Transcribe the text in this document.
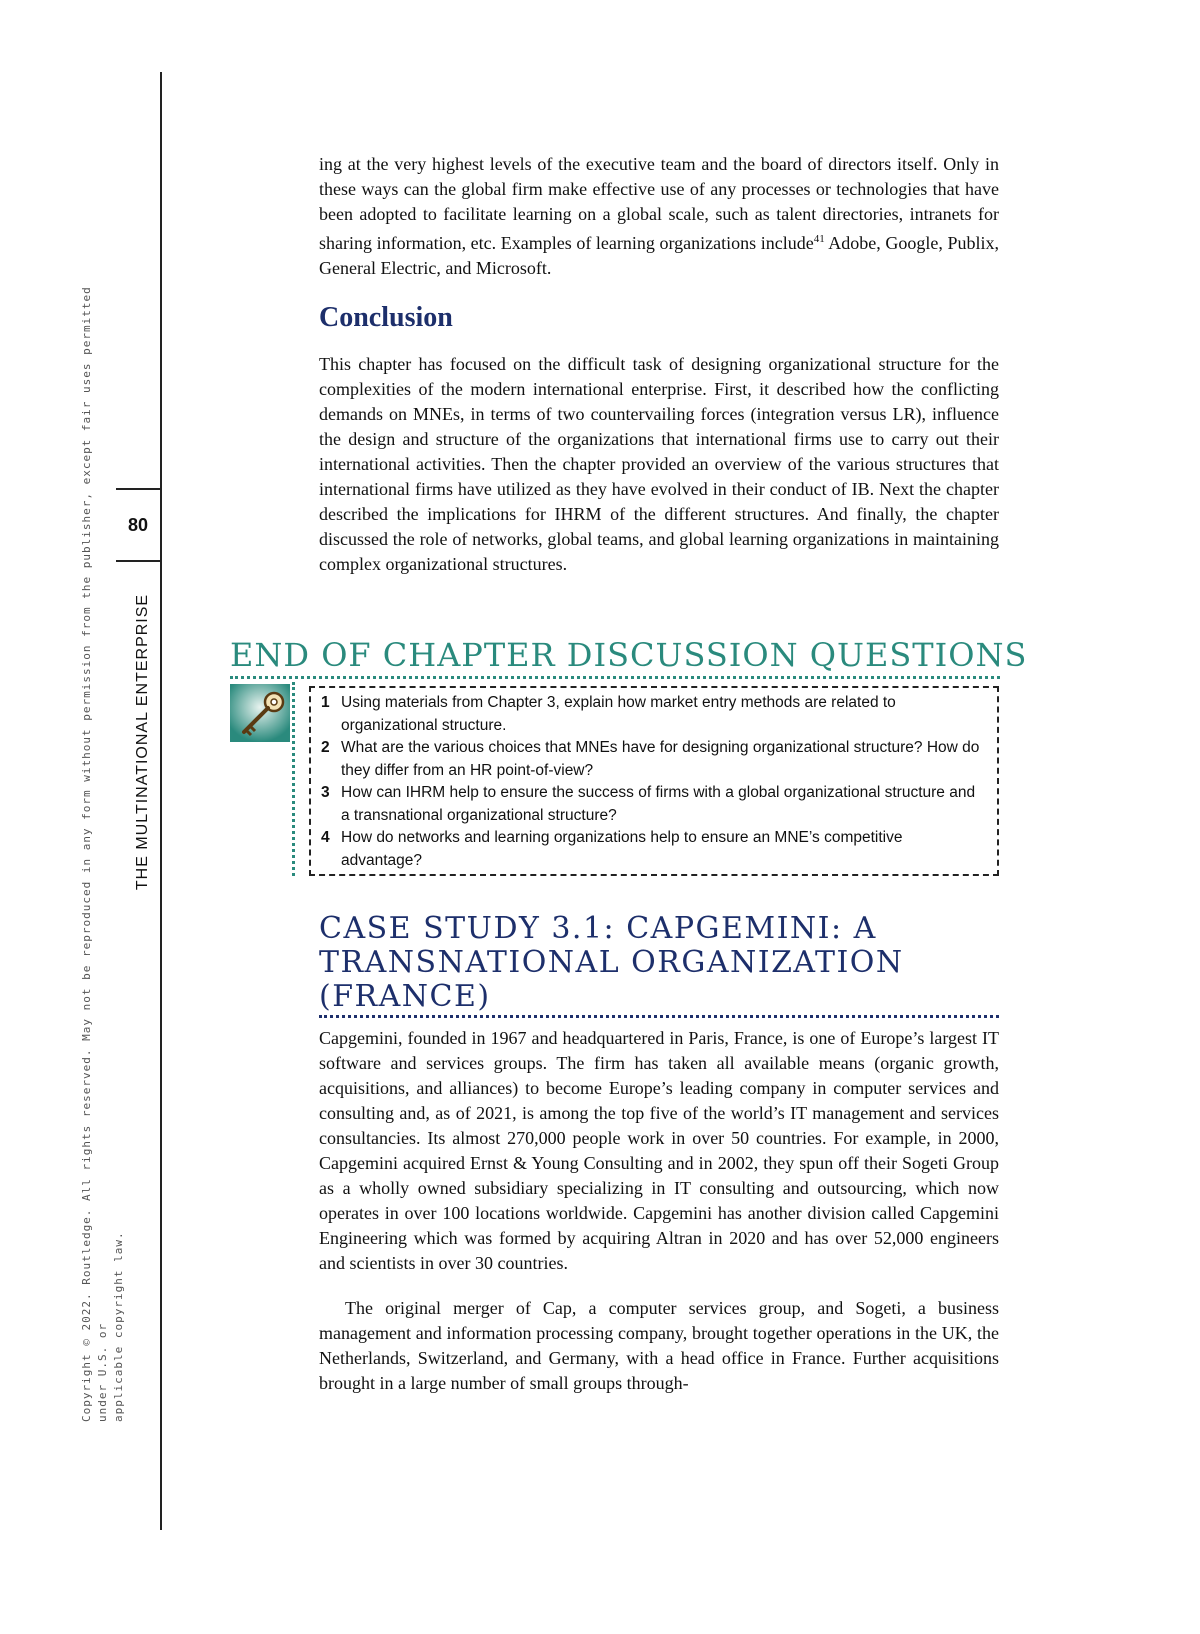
80
THE MULTINATIONAL ENTERPRISE
Copyright © 2022. Routledge. All rights reserved. May not be reproduced in any form without permission from the publisher, except fair uses permitted under U.S. or applicable copyright law.

ing at the very highest levels of the executive team and the board of directors itself. Only in these ways can the global firm make effective use of any processes or technologies that have been adopted to facilitate learning on a global scale, such as talent directories, intranets for sharing information, etc. Examples of learning organizations include$^{41}$ Adobe, Google, Publix, General Electric, and Microsoft.

Conclusion

This chapter has focused on the difficult task of designing organizational structure for the complexities of the modern international enterprise. First, it described how the conflicting demands on MNEs, in terms of two countervailing forces (integration versus LR), influence the design and structure of the organizations that international firms use to carry out their international activities. Then the chapter provided an overview of the various structures that international firms have utilized as they have evolved in their conduct of IB. Next the chapter described the implications for IHRM of the different structures. And finally, the chapter discussed the role of networks, global teams, and global learning organizations in maintaining complex organizational structures.

END OF CHAPTER DISCUSSION QUESTIONS
1 Using materials from Chapter 3, explain how market entry methods are related to organizational structure.
2 What are the various choices that MNEs have for designing organizational structure? How do they differ from an HR point-of-view?
3 How can IHRM help to ensure the success of firms with a global organizational structure and a transnational organizational structure?
4 How do networks and learning organizations help to ensure an MNE’s competitive advantage?
CASE STUDY 3.1: CAPGEMINI: A TRANSNATIONAL ORGANIZATION (FRANCE)

Capgemini, founded in 1967 and headquartered in Paris, France, is one of Europe’s largest IT software and services groups. The firm has taken all available means (organic growth, acquisitions, and alliances) to become Europe’s leading company in computer services and consulting and, as of 2021, is among the top five of the world’s IT management and services consultancies. Its almost 270,000 people work in over 50 countries. For example, in 2000, Capgemini acquired Ernst & Young Consulting and in 2002, they spun off their Sogeti Group as a wholly owned subsidiary specializing in IT consulting and outsourcing, which now operates in over 100 locations worldwide. Capgemini has another division called Capgemini Engineering which was formed by acquiring Altran in 2020 and has over 52,000 engineers and scientists in over 30 countries.

The original merger of Cap, a computer services group, and Sogeti, a business management and information processing company, brought together operations in the UK, the Netherlands, Switzerland, and Germany, with a head office in France. Further acquisitions brought in a large number of small groups through-
